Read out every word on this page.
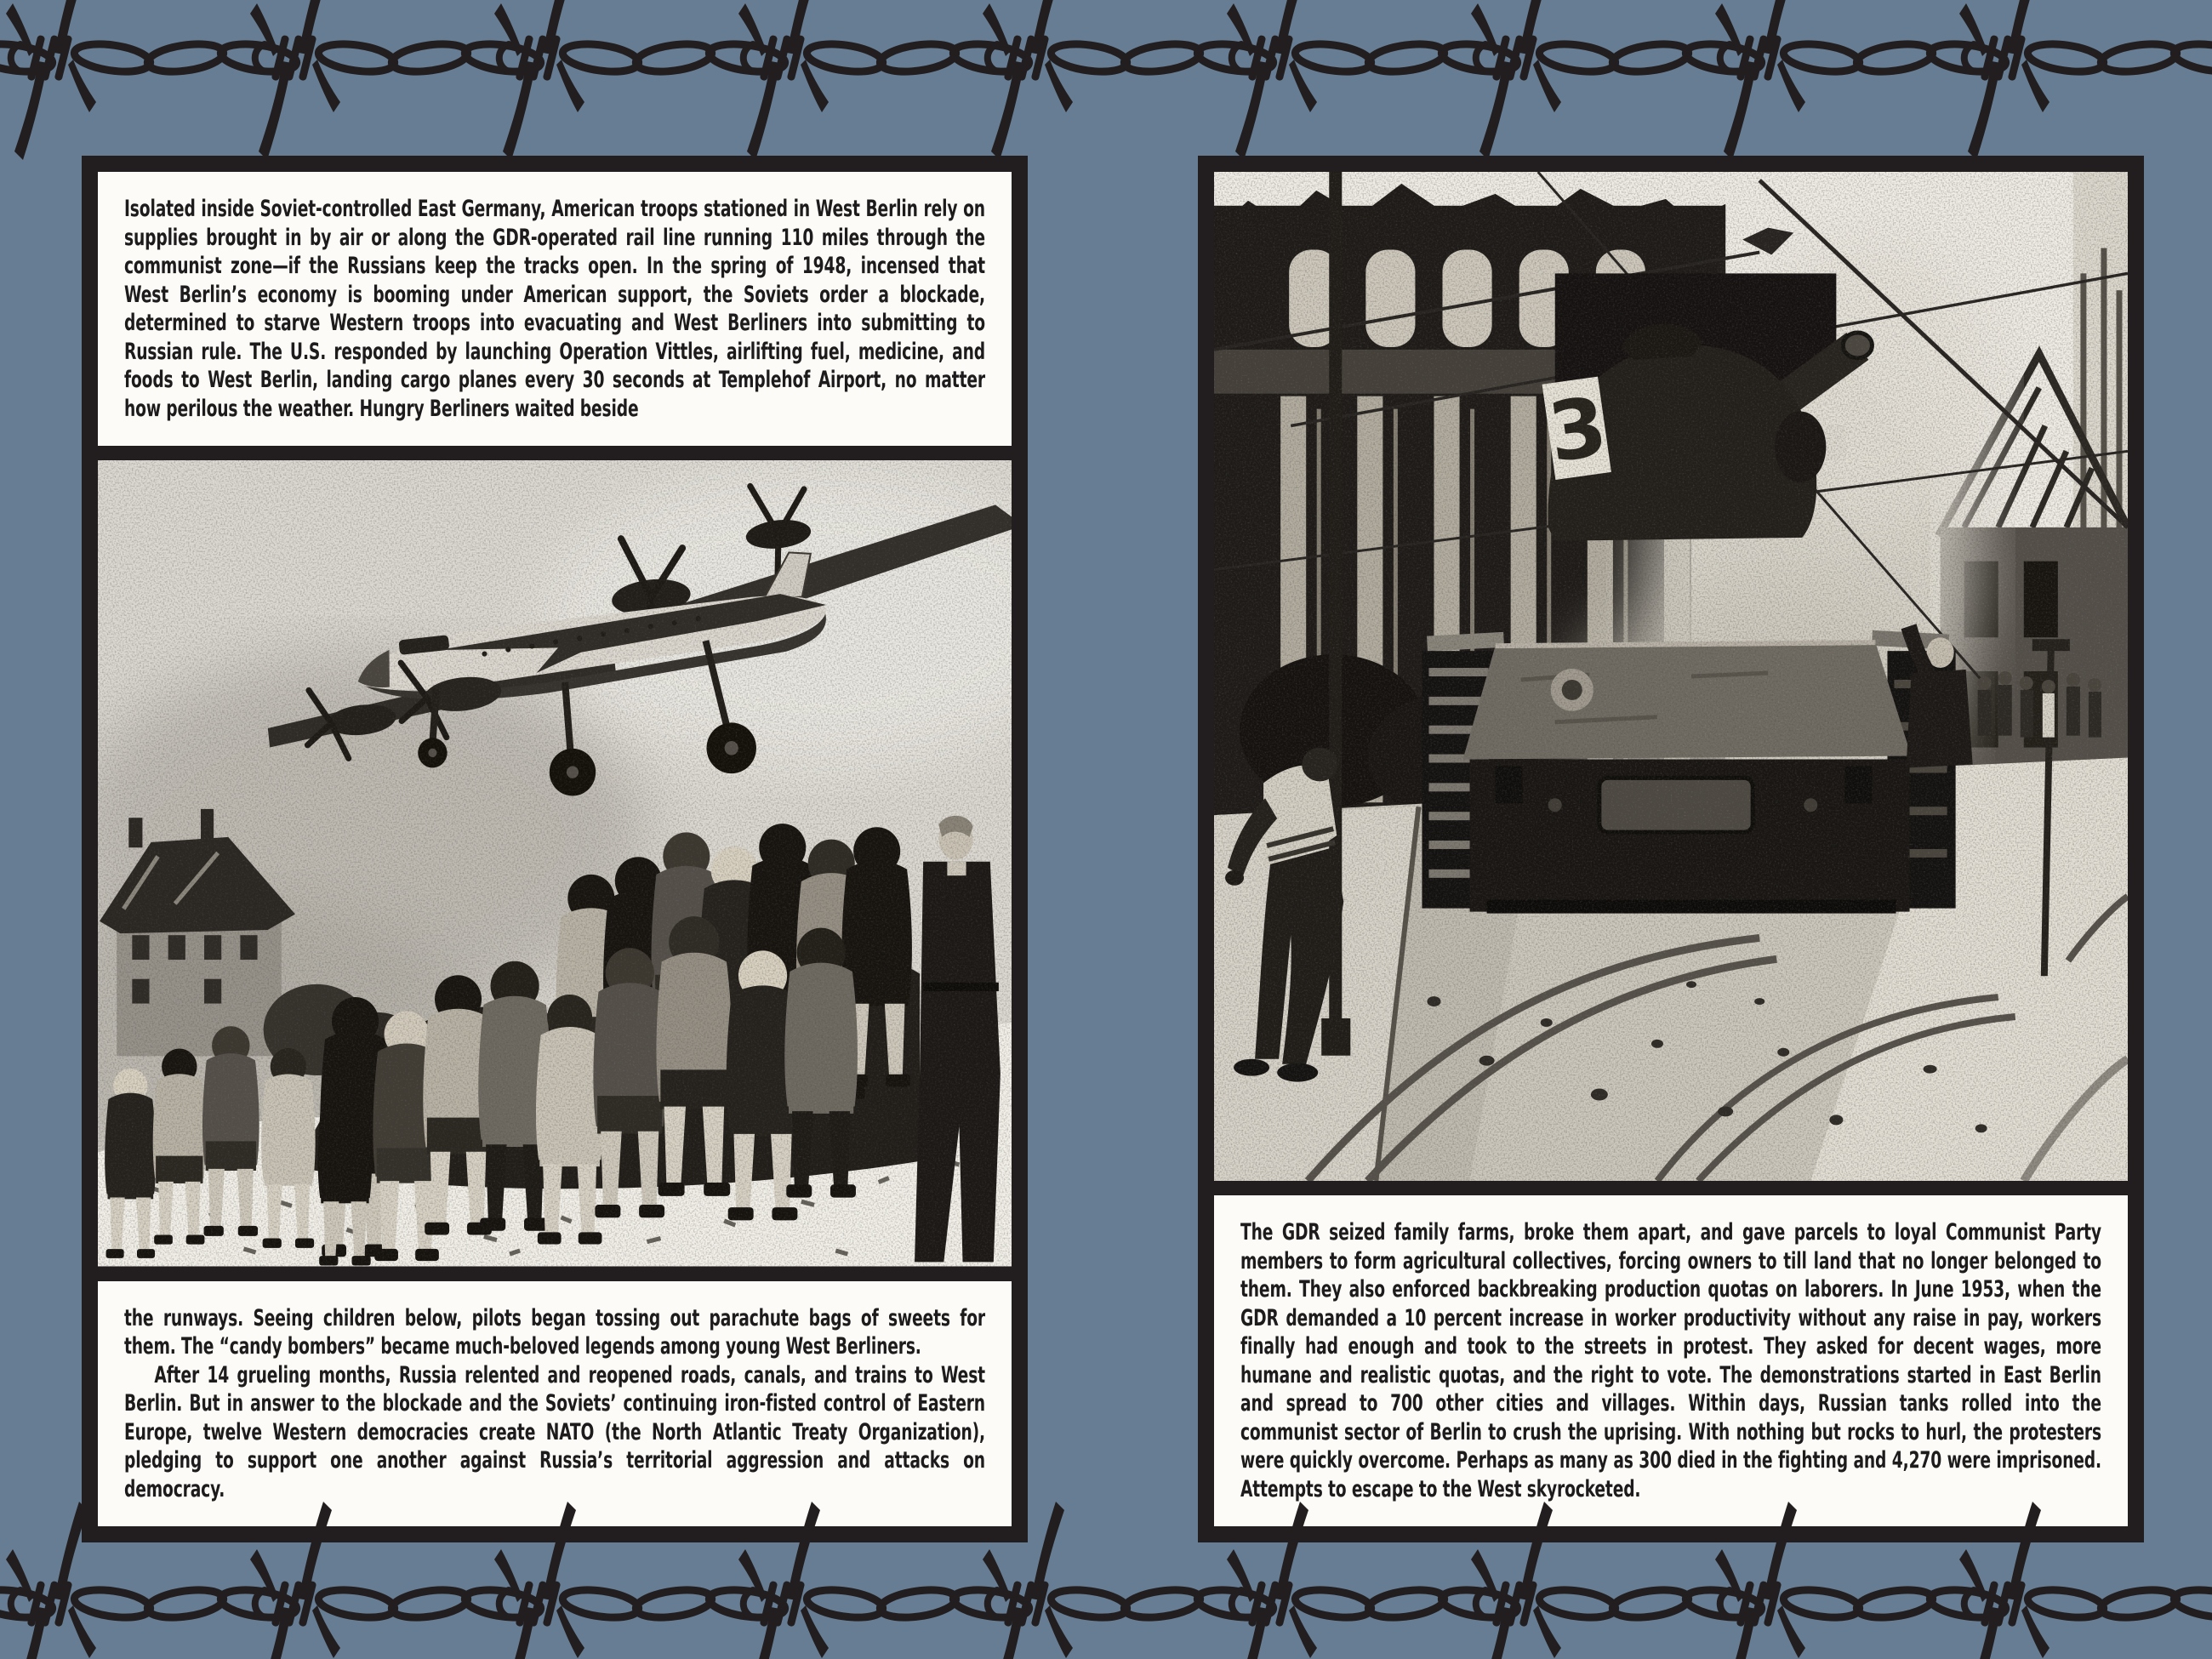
Isolated inside Soviet-controlled East Germany, American troops stationed in West Berlin rely on supplies brought in by air or along the GDR-operated rail line running 110 miles through the communist zone—if the Russians keep the tracks open. In the spring of 1948, incensed that West Berlin’s economy is booming under American support, the Soviets order a blockade, determined to starve Western troops into evacuating and West Berliners into submitting to Russian rule. The U.S. responded by launching Operation Vittles, airlifting fuel, medicine, and foods to West Berlin, landing cargo planes every 30 seconds at Templehof Airport, no matter how perilous the weather. Hungry Berliners waited beside

the runways. Seeing children below, pilots began tossing out parachute bags of sweets for them. The “candy bombers” became much-beloved legends among young West Berliners.

After 14 grueling months, Russia relented and reopened roads, canals, and trains to West Berlin. But in answer to the blockade and the Soviets’ continuing iron-fisted control of Eastern Europe, twelve Western democracies create NATO (the North Atlantic Treaty Organization), pledging to support one another against Russia’s territorial aggression and attacks on democracy.

The GDR seized family farms, broke them apart, and gave parcels to loyal Communist Party members to form agricultural collectives, forcing owners to till land that no longer belonged to them. They also enforced backbreaking production quotas on laborers. In June 1953, when the GDR demanded a 10 percent increase in worker productivity without any raise in pay, workers finally had enough and took to the streets in protest. They asked for decent wages, more humane and realistic quotas, and the right to vote. The demonstrations started in East Berlin and spread to 700 other cities and villages. Within days, Russian tanks rolled into the communist sector of Berlin to crush the uprising. With nothing but rocks to hurl, the protesters were quickly overcome. Perhaps as many as 300 died in the fighting and 4,270 were imprisoned. Attempts to escape to the West skyrocketed.
